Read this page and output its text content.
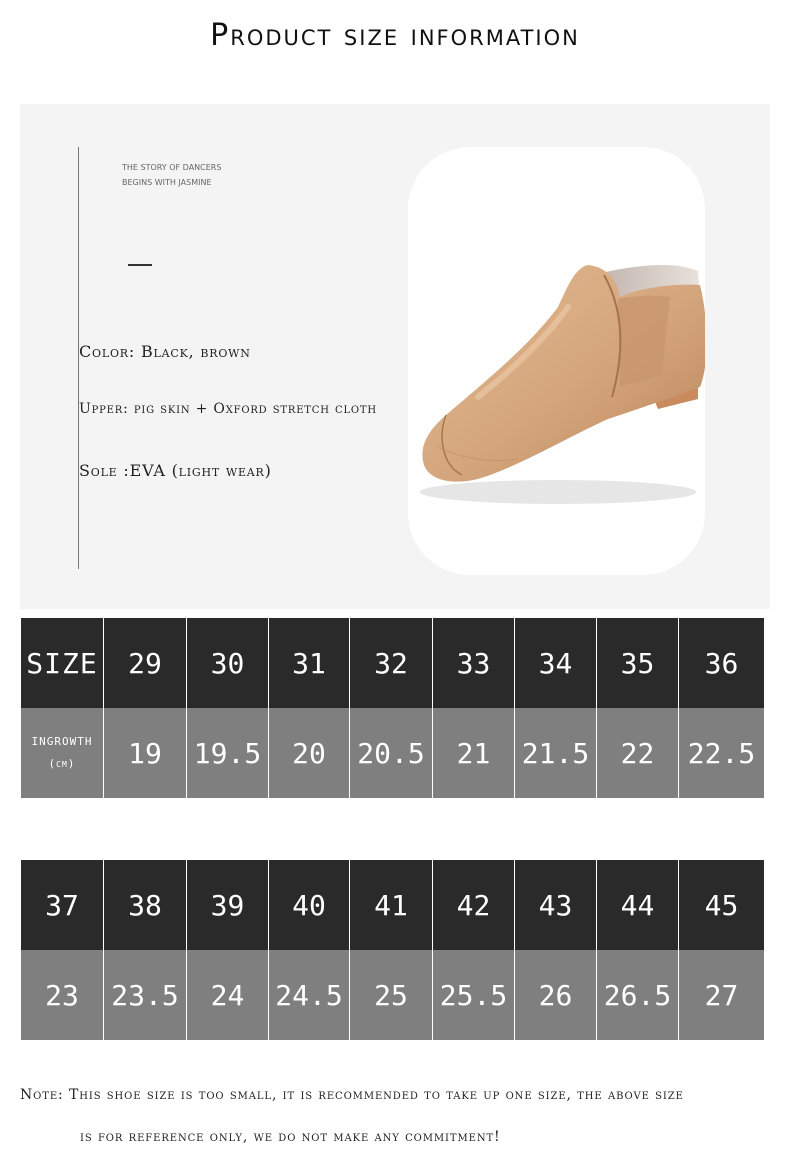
Product size information
THE STORY OF DANCERS
BEGINS WITH JASMINE
Color: Black, brown
Upper: pig skin + Oxford stretch cloth
Sole :EVA (light wear)
SIZE	29	30	31	32	33	34	35	36

INGROWTH
(cm)	19	19.5	20	20.5	21	21.5	22	22.5
37	38	39	40	41	42	43	44	45
23	23.5	24	24.5	25	25.5	26	26.5	27
Note: This shoe size is too small, it is recommended to take up one size, the above size
is for reference only, we do not make any commitment!
